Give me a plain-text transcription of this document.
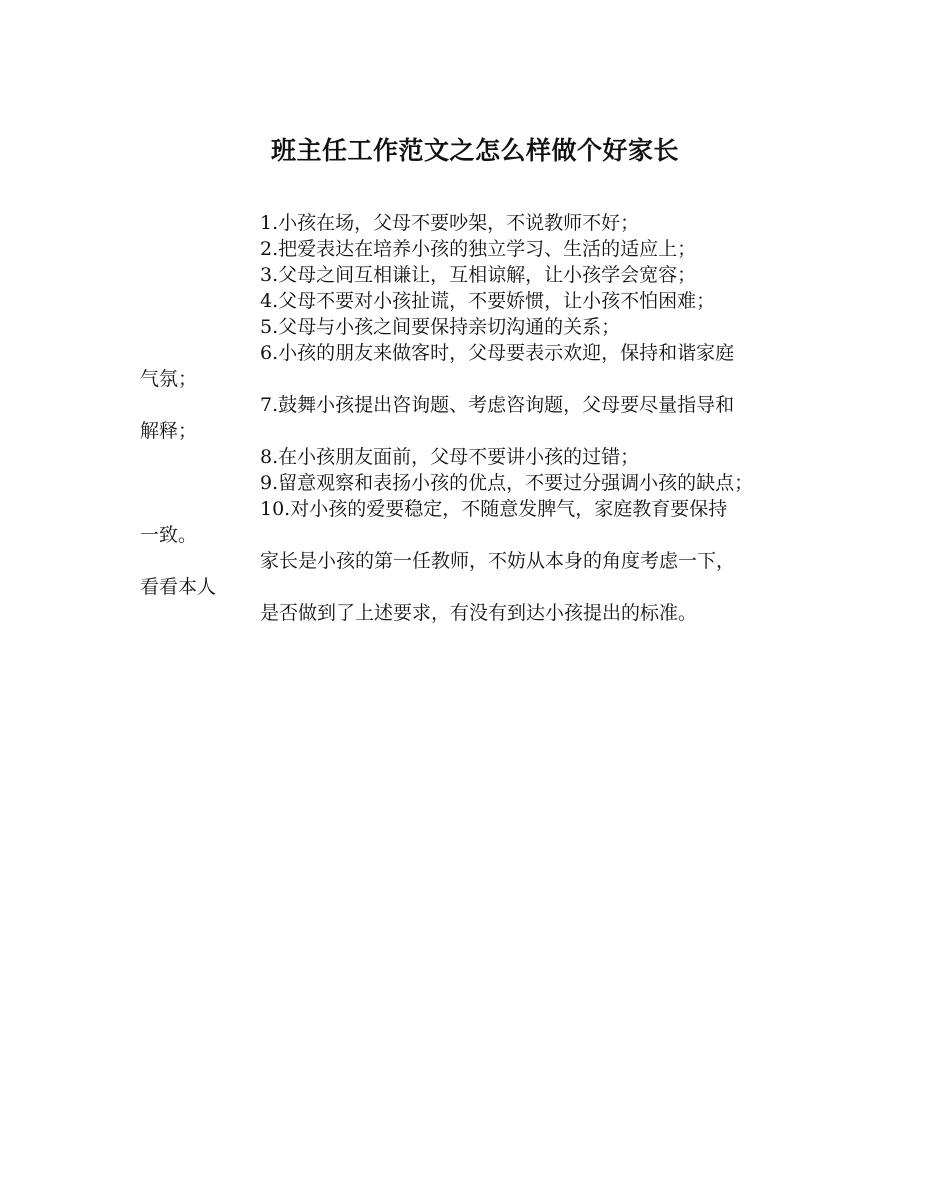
班主任工作范文之怎么样做个好家长

1.小孩在场，父母不要吵架，不说教师不好；

2.把爱表达在培养小孩的独立学习、生活的适应上；

3.父母之间互相谦让，互相谅解，让小孩学会宽容；

4.父母不要对小孩扯谎，不要娇惯，让小孩不怕困难；

5.父母与小孩之间要保持亲切沟通的关系；

6.小孩的朋友来做客时，父母要表示欢迎，保持和谐家庭

气氛；

7.鼓舞小孩提出咨询题、考虑咨询题，父母要尽量指导和

解释；

8.在小孩朋友面前，父母不要讲小孩的过错；

9.留意观察和表扬小孩的优点，不要过分强调小孩的缺点；

10.对小孩的爱要稳定，不随意发脾气，家庭教育要保持

一致。

家长是小孩的第一任教师，不妨从本身的角度考虑一下，

看看本人

是否做到了上述要求，有没有到达小孩提出的标准。
